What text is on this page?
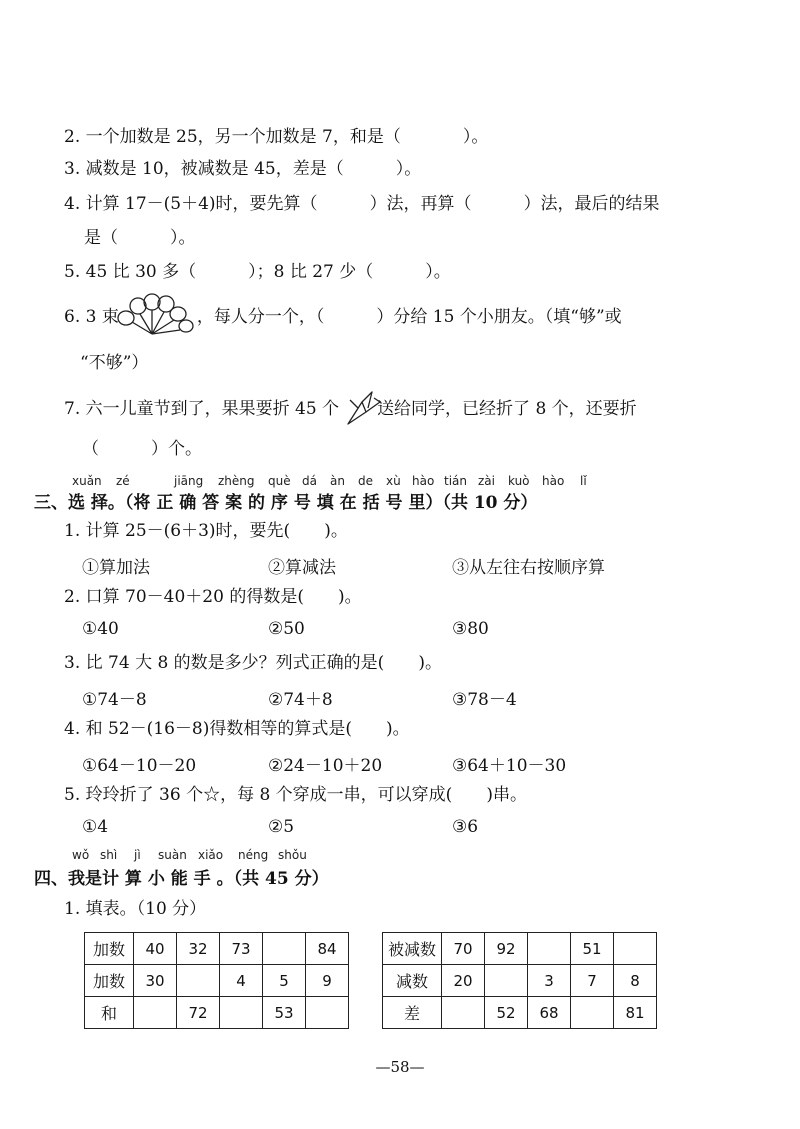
2. 一个加数是 25，另一个加数是 7，和是（	）。
3. 减数是 10，被减数是 45，差是（	）。
4. 计算 17－(5＋4)时，要先算（	）法，再算（	）法，最后的结果
是（	）。
5. 45 比 30 多（	）；8 比 27 少（	）。
6. 3 束	，每人分一个，（	）分给 15 个小朋友。（填“够”或
“不够”）
7. 六一儿童节到了，果果要折 45 个 送给同学，已经折了 8 个，还要折
（	）个。
xuǎn zé	jiāng zhèng què dá àn de xù hào tián zài kuò hào lǐ
三、选 择。（将 正 确 答 案 的 序 号 填 在 括 号 里）（共 10 分）
1. 计算 25－(6＋3)时，要先(　　)。
①算加法	②算减法	③从左往右按顺序算
2. 口算 70－40＋20 的得数是(　　)。
①40	②50	③80
3. 比 74 大 8 的数是多少？列式正确的是(　　)。
①74－8	②74＋8	③78－4
4. 和 52－(16－8)得数相等的算式是(　　)。
①64－10－20	②24－10＋20	③64＋10－30
5. 玲玲折了 36 个☆，每 8 个穿成一串，可以穿成(　　)串。
①4	②5	③6
wǒ shì jì suàn xiǎo néng shǒu
四、我是计 算 小 能 手 。（共 45 分）
1. 填表。（10 分）
加数	40	32	73		84
加数	30		4	5	9
和		72		53	
被减数	70	92		51	
减数	20		3	7	8
差		52	68		81
—58—
